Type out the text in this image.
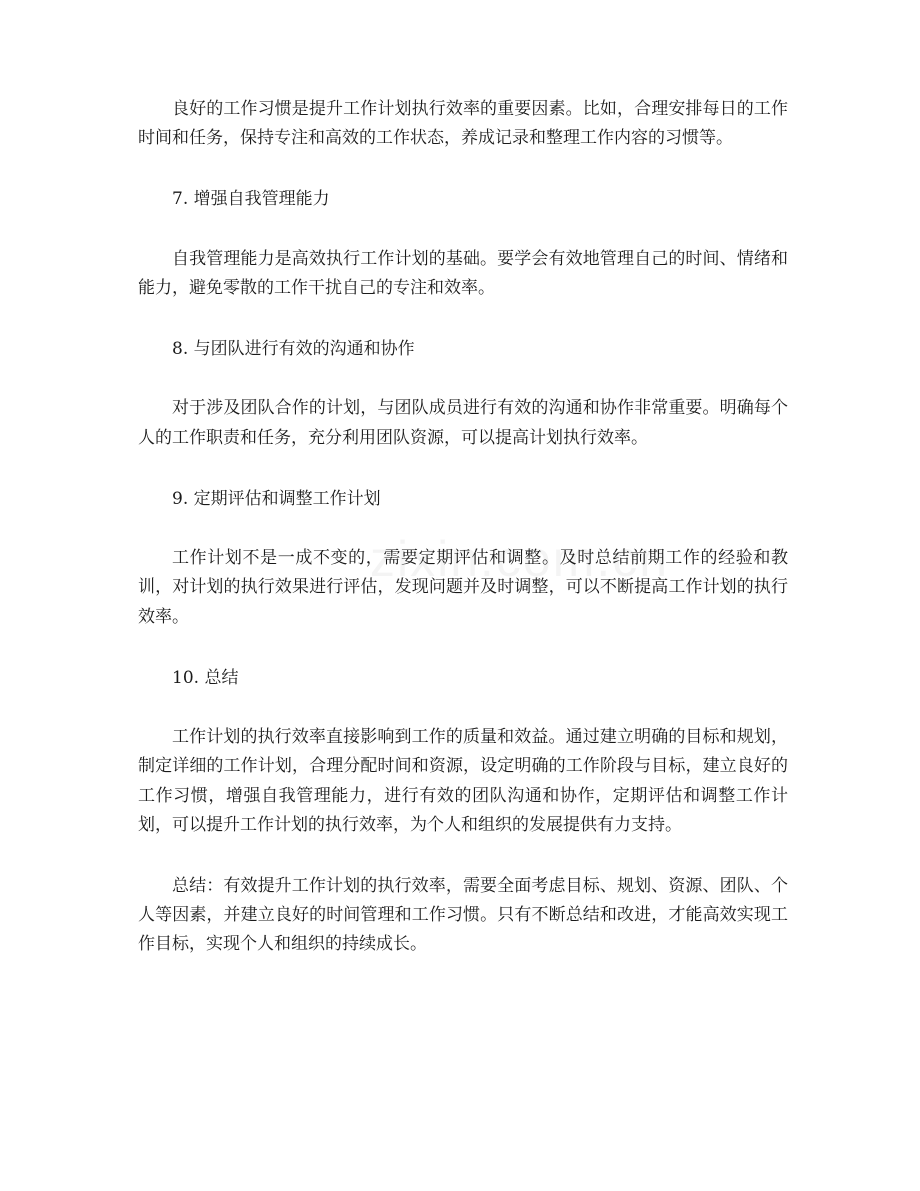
良好的工作习惯是提升工作计划执行效率的重要因素。比如，合理安排每日的工作时间和任务，保持专注和高效的工作状态，养成记录和整理工作内容的习惯等。

7. 增强自我管理能力

自我管理能力是高效执行工作计划的基础。要学会有效地管理自己的时间、情绪和能力，避免零散的工作干扰自己的专注和效率。

8. 与团队进行有效的沟通和协作

对于涉及团队合作的计划，与团队成员进行有效的沟通和协作非常重要。明确每个人的工作职责和任务，充分利用团队资源，可以提高计划执行效率。

9. 定期评估和调整工作计划

工作计划不是一成不变的，需要定期评估和调整。及时总结前期工作的经验和教训，对计划的执行效果进行评估，发现问题并及时调整，可以不断提高工作计划的执行效率。

10. 总结

工作计划的执行效率直接影响到工作的质量和效益。通过建立明确的目标和规划，制定详细的工作计划，合理分配时间和资源，设定明确的工作阶段与目标，建立良好的工作习惯，增强自我管理能力，进行有效的团队沟通和协作，定期评估和调整工作计划，可以提升工作计划的执行效率，为个人和组织的发展提供有力支持。

总结：有效提升工作计划的执行效率，需要全面考虑目标、规划、资源、团队、个人等因素，并建立良好的时间管理和工作习惯。只有不断总结和改进，才能高效实现工作目标，实现个人和组织的持续成长。
